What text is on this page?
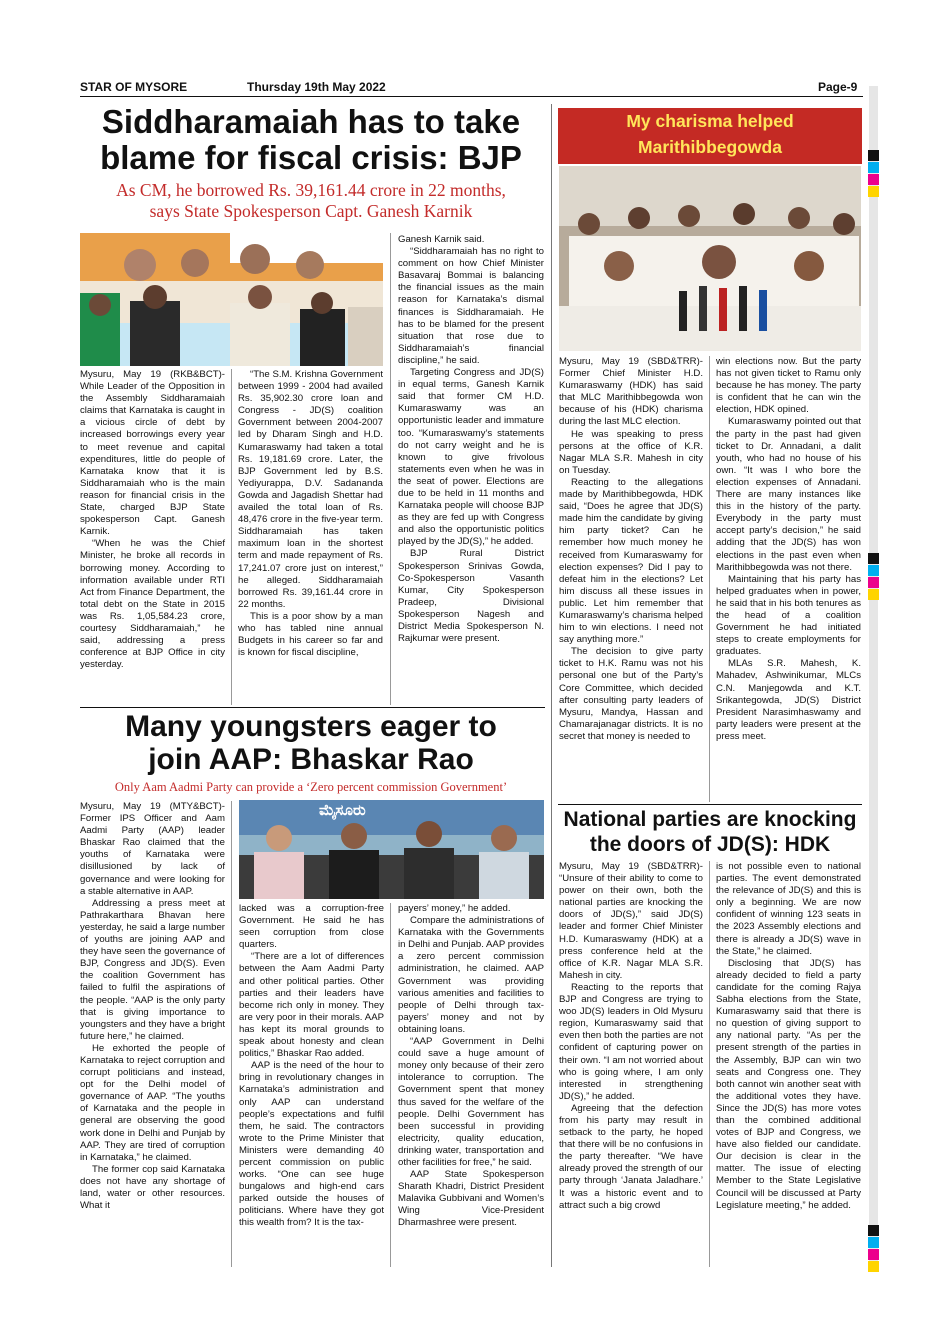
STAR OF MYSORE	Thursday 19th May 2022	Page-9
Siddharamaiah has to take
blame for fiscal crisis: BJP
As CM, he borrowed Rs. 39,161.44 crore in 22 months,
says State Spokesperson Capt. Ganesh Karnik

Mysuru, May 19 (RKB&BCT)- While Leader of the Opposition in the Assembly Siddharamaiah claims that Karnataka is caught in a vicious circle of debt by increased borrowings every year to meet revenue and capital expenditures, little do people of Karnataka know that it is Siddharamaiah who is the main reason for financial crisis in the State, charged BJP State spokesperson Capt. Ganesh Karnik.

“When he was the Chief Minister, he broke all records in borrowing money. According to information available under RTI Act from Finance Department, the total debt on the State in 2015 was Rs. 1,05,584.23 crore, courtesy Siddharamaiah,” he said, addressing a press conference at BJP Office in city yesterday.

“The S.M. Krishna Government between 1999 - 2004 had availed Rs. 35,902.30 crore loan and Congress - JD(S) coalition Government between 2004-2007 led by Dharam Singh and H.D. Kumaraswamy had taken a total Rs. 19,181.69 crore. Later, the BJP Government led by B.S. Yediyurappa, D.V. Sadananda Gowda and Jagadish Shettar had availed the total loan of Rs. 48,476 crore in the five-year term. Siddharamaiah has taken maximum loan in the shortest term and made repayment of Rs. 17,241.07 crore just on interest,” he alleged. Siddharamaiah borrowed Rs. 39,161.44 crore in 22 months.

This is a poor show by a man who has tabled nine annual Budgets in his career so far and is known for fiscal discipline,

Ganesh Karnik said.

“Siddharamaiah has no right to comment on how Chief Minister Basavaraj Bommai is balancing the financial issues as the main reason for Karnataka’s dismal finances is Siddharamaiah. He has to be blamed for the present situation that rose due to Siddharamaiah’s financial discipline,” he said.

Targeting Congress and JD(S) in equal terms, Ganesh Karnik said that former CM H.D. Kumaraswamy was an opportunistic leader and immature too. “Kumaraswamy’s statements do not carry weight and he is known to give frivolous statements even when he was in the seat of power. Elections are due to be held in 11 months and Karnataka people will choose BJP as they are fed up with Congress and also the opportunistic politics played by the JD(S),” he added.

BJP Rural District Spokesperson Srinivas Gowda, Co-Spokesperson Vasanth Kumar, City Spokesperson Pradeep, Divisional Spokesperson Nagesh and District Media Spokesperson N. Rajkumar were present.

Many youngsters eager to
join AAP: Bhaskar Rao
Only Aam Aadmi Party can provide a ‘Zero percent commission Government’

Mysuru, May 19 (MTY&BCT)- Former IPS Officer and Aam Aadmi Party (AAP) leader Bhaskar Rao claimed that the youths of Karnataka were disillusioned by lack of governance and were looking for a stable alternative in AAP.

Addressing a press meet at Pathrakarthara Bhavan here yesterday, he said a large number of youths are joining AAP and they have seen the governance of BJP, Congress and JD(S). Even the coalition Government has failed to fulfil the aspirations of the people. “AAP is the only party that is giving importance to youngsters and they have a bright future here,” he claimed.

He exhorted the people of Karnataka to reject corruption and corrupt politicians and instead, opt for the Delhi model of governance of AAP. “The youths of Karnataka and the people in general are observing the good work done in Delhi and Punjab by AAP. They are tired of corruption in Karnataka,” he claimed.

The former cop said Karnataka does not have any shortage of land, water or other resources. What it

ಮೈಸೂರು

lacked was a corruption-free Government. He said he has seen corruption from close quarters.

“There are a lot of differences between the Aam Aadmi Party and other political parties. Other parties and their leaders have become rich only in money. They are very poor in their morals. AAP has kept its moral grounds to speak about honesty and clean politics,” Bhaskar Rao added.

AAP is the need of the hour to bring in revolutionary changes in Karnataka’s administration and only AAP can understand people’s expectations and fulfil them, he said. The contractors wrote to the Prime Minister that Ministers were demanding 40 percent commission on public works. “One can see huge bungalows and high-end cars parked outside the houses of politicians. Where have they got this wealth from? It is the tax-

payers’ money,” he added.

Compare the administrations of Karnataka with the Governments in Delhi and Punjab. AAP provides a zero percent commission administration, he claimed. AAP Government was providing various amenities and facilities to people of Delhi through tax-payers’ money and not by obtaining loans.

“AAP Government in Delhi could save a huge amount of money only because of their zero intolerance to corruption. The Government spent that money thus saved for the welfare of the people. Delhi Government has been successful in providing electricity, quality education, drinking water, transportation and other facilities for free,” he said.

AAP State Spokesperson Sharath Khadri, District President Malavika Gubbivani and Women’s Wing Vice-President Dharmashree were present.

My charisma helped Marithibbegowda

Mysuru, May 19 (SBD&TRR)- Former Chief Minister H.D. Kumaraswamy (HDK) has said that MLC Marithibbegowda won because of his (HDK) charisma during the last MLC election.

He was speaking to press persons at the office of K.R. Nagar MLA S.R. Mahesh in city on Tuesday.

Reacting to the allegations made by Marithibbegowda, HDK said, “Does he agree that JD(S) made him the candidate by giving him party ticket? Can he remember how much money he received from Kumaraswamy for election expenses? Did I pay to defeat him in the elections? Let him discuss all these issues in public. Let him remember that Kumaraswamy’s charisma helped him to win elections. I need not say anything more.”

The decision to give party ticket to H.K. Ramu was not his personal one but of the Party’s Core Committee, which decided after consulting party leaders of Mysuru, Mandya, Hassan and Chamarajanagar districts. It is no secret that money is needed to

win elections now. But the party has not given ticket to Ramu only because he has money. The party is confident that he can win the election, HDK opined.

Kumaraswamy pointed out that the party in the past had given ticket to Dr. Annadani, a dalit youth, who had no house of his own. “It was I who bore the election expenses of Annadani. There are many instances like this in the history of the party. Everybody in the party must accept party’s decision,” he said adding that the JD(S) has won elections in the past even when Marithibbegowda was not there.

Maintaining that his party has helped graduates when in power, he said that in his both tenures as the head of a coalition Government he had initiated steps to create employments for graduates.

MLAs S.R. Mahesh, K. Mahadev, Ashwinikumar, MLCs C.N. Manjegowda and K.T. Srikantegowda, JD(S) District President Narasimhaswamy and party leaders were present at the press meet.

National parties are knocking
the doors of JD(S): HDK

Mysuru, May 19 (SBD&TRR)- “Unsure of their ability to come to power on their own, both the national parties are knocking the doors of JD(S),” said JD(S) leader and former Chief Minister H.D. Kumaraswamy (HDK) at a press conference held at the office of K.R. Nagar MLA S.R. Mahesh in city.

Reacting to the reports that BJP and Congress are trying to woo JD(S) leaders in Old Mysuru region, Kumaraswamy said that even then both the parties are not confident of capturing power on their own. “I am not worried about who is going where, I am only interested in strengthening JD(S),” he added.

Agreeing that the defection from his party may result in setback to the party, he hoped that there will be no confusions in the party thereafter. “We have already proved the strength of our party through ‘Janata Jaladhare.’ It was a historic event and to attract such a big crowd

is not possible even to national parties. The event demonstrated the relevance of JD(S) and this is only a beginning. We are now confident of winning 123 seats in the 2023 Assembly elections and there is already a JD(S) wave in the State,” he claimed.

Disclosing that JD(S) has already decided to field a party candidate for the coming Rajya Sabha elections from the State, Kumaraswamy said that there is no question of giving support to any national party. “As per the present strength of the parties in the Assembly, BJP can win two seats and Congress one. They both cannot win another seat with the additional votes they have. Since the JD(S) has more votes than the combined additional votes of BJP and Congress, we have also fielded our candidate. Our decision is clear in the matter. The issue of electing Member to the State Legislative Council will be discussed at Party Legislature meeting,” he added.
